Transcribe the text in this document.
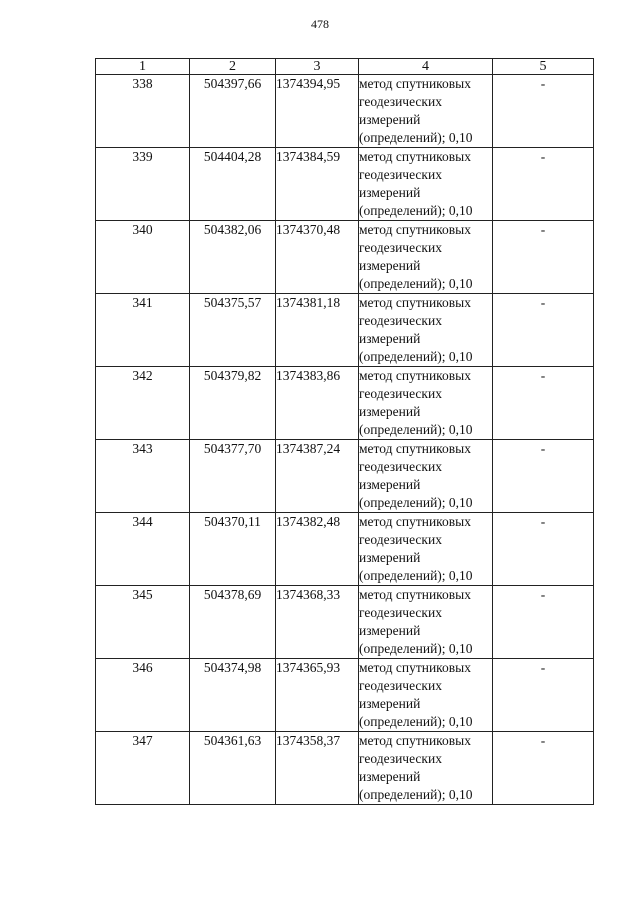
478
1	2	3	4	5
338	504397,66	1374394,95	метод спутниковых
геодезических
измерений
(определений); 0,10	-
339	504404,28	1374384,59	метод спутниковых
геодезических
измерений
(определений); 0,10	-
340	504382,06	1374370,48	метод спутниковых
геодезических
измерений
(определений); 0,10	-
341	504375,57	1374381,18	метод спутниковых
геодезических
измерений
(определений); 0,10	-
342	504379,82	1374383,86	метод спутниковых
геодезических
измерений
(определений); 0,10	-
343	504377,70	1374387,24	метод спутниковых
геодезических
измерений
(определений); 0,10	-
344	504370,11	1374382,48	метод спутниковых
геодезических
измерений
(определений); 0,10	-
345	504378,69	1374368,33	метод спутниковых
геодезических
измерений
(определений); 0,10	-
346	504374,98	1374365,93	метод спутниковых
геодезических
измерений
(определений); 0,10	-
347	504361,63	1374358,37	метод спутниковых
геодезических
измерений
(определений); 0,10	-
